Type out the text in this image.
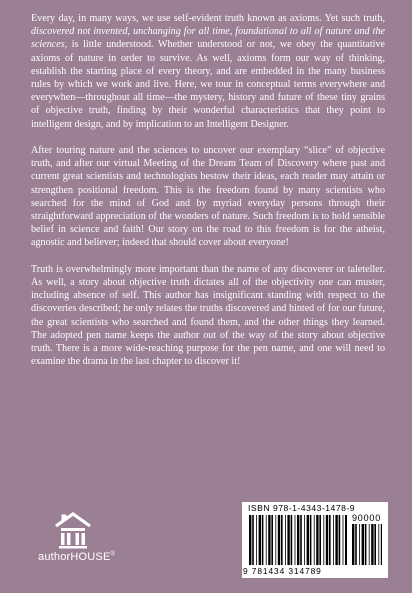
Every day, in many ways, we use self-evident truth known as axioms. Yet such truth, discovered not invented, unchanging for all time, foundational to all of nature and the sciences, is little understood. Whether understood or not, we obey the quantitative axioms of nature in order to survive. As well, axioms form our way of thinking, establish the starting place of every theory, and are embedded in the many business rules by which we work and live. Here, we tour in conceptual terms everywhere and everywhen—throughout all time—the mystery, history and future of these tiny grains of objective truth, finding by their wonderful characteristics that they point to intelligent design, and by implication to an Intelligent Designer.

After touring nature and the sciences to uncover our exemplary “slice” of objective truth, and after our virtual Meeting of the Dream Team of Discovery where past and current great scientists and technologists bestow their ideas, each reader may attain or strengthen positional freedom. This is the freedom found by many scientists who searched for the mind of God and by myriad everyday persons through their straightforward appreciation of the wonders of nature. Such freedom is to hold sensible belief in science and faith! Our story on the road to this freedom is for the atheist, agnostic and believer; indeed that should cover about everyone!

Truth is overwhelmingly more important than the name of any discoverer or taleteller. As well, a story about objective truth dictates all of the objectivity one can muster, including absence of self. This author has insignificant standing with respect to the discoveries described; he only relates the truths discovered and hinted of for our future, the great scientists who searched and found them, and the other things they learned. The adopted pen name keeps the author out of the way of the story about objective truth. There is a more wide-reaching purpose for the pen name, and one will need to examine the drama in the last chapter to discover it!

authorHOUSE®
ISBN 978-1-4343-1478-9
90000
9 781434 314789
